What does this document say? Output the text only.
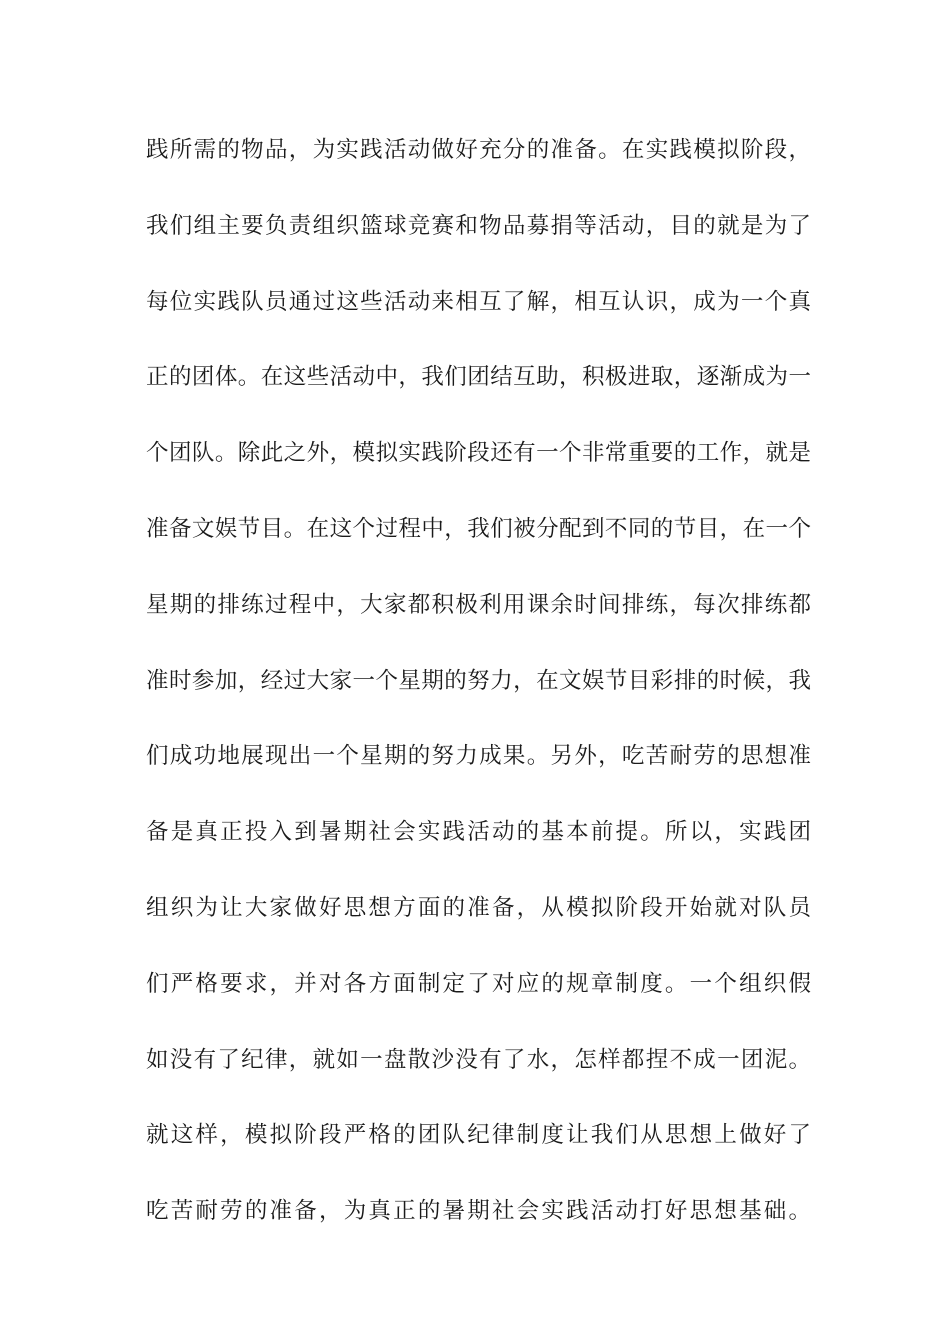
践所需的物品，为实践活动做好充分的准备。在实践模拟阶段，
我们组主要负责组织篮球竞赛和物品募捐等活动，目的就是为了
每位实践队员通过这些活动来相互了解，相互认识，成为一个真
正的团体。在这些活动中，我们团结互助，积极进取，逐渐成为一
个团队。除此之外，模拟实践阶段还有一个非常重要的工作，就是
准备文娱节目。在这个过程中，我们被分配到不同的节目，在一个
星期的排练过程中，大家都积极利用课余时间排练，每次排练都
准时参加，经过大家一个星期的努力，在文娱节目彩排的时候，我
们成功地展现出一个星期的努力成果。另外，吃苦耐劳的思想准
备是真正投入到暑期社会实践活动的基本前提。所以，实践团
组织为让大家做好思想方面的准备，从模拟阶段开始就对队员
们严格要求，并对各方面制定了对应的规章制度。一个组织假
如没有了纪律，就如一盘散沙没有了水，怎样都捏不成一团泥。
就这样，模拟阶段严格的团队纪律制度让我们从思想上做好了
吃苦耐劳的准备，为真正的暑期社会实践活动打好思想基础。
